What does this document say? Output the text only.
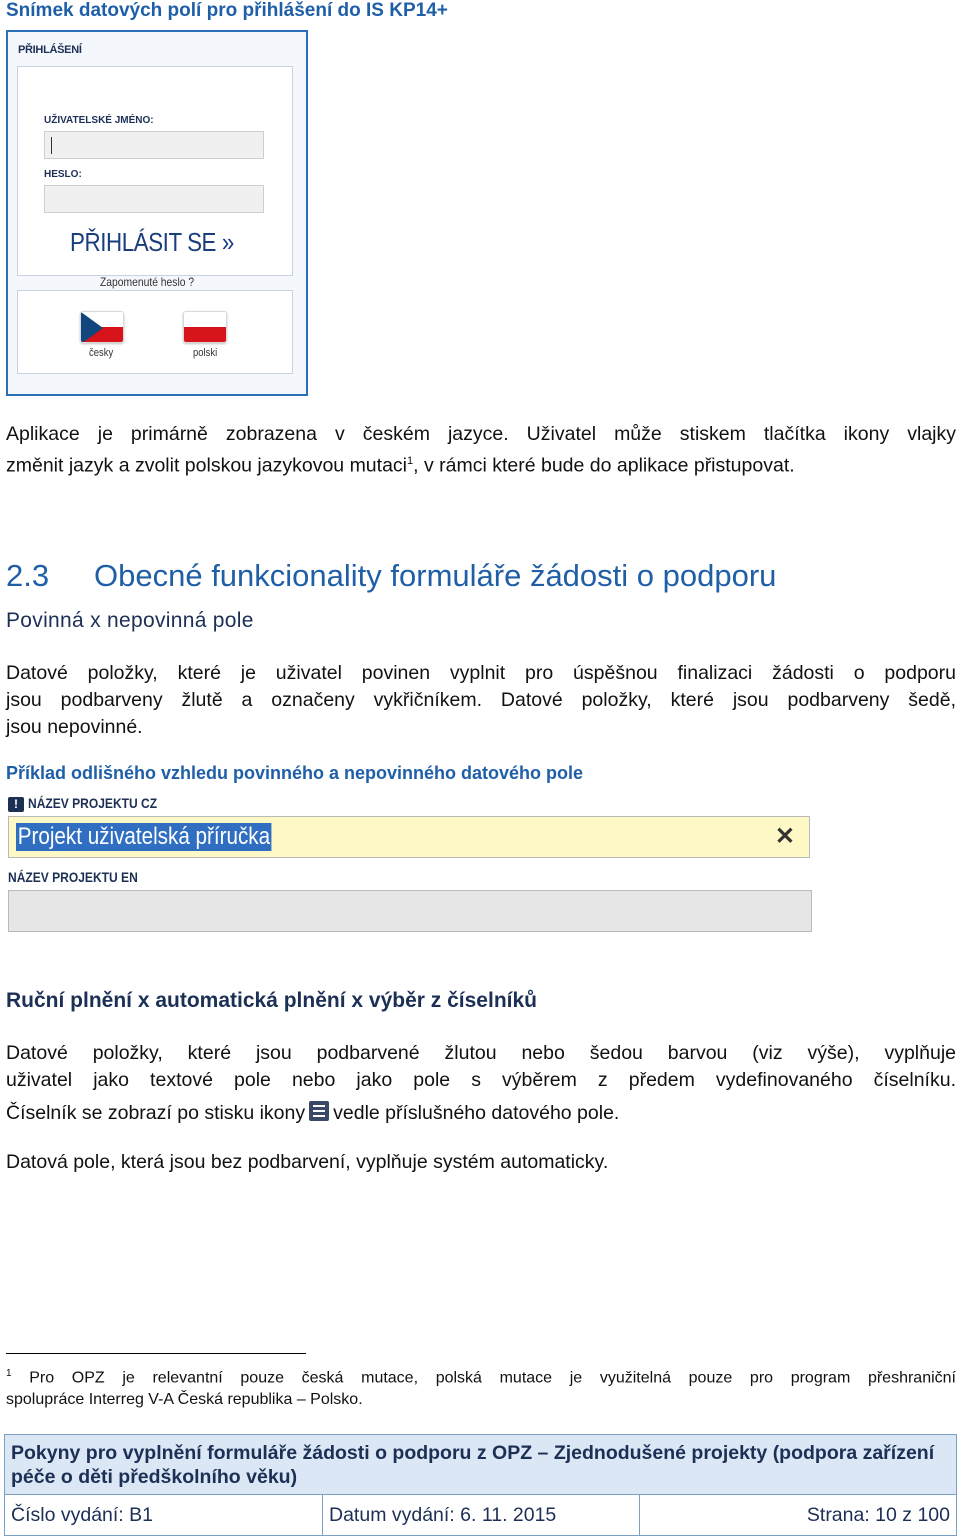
Snímek datových polí pro přihlášení do IS KP14+
PŘIHLÁŠENÍ
UŽIVATELSKÉ JMÉNO:
HESLO:
PŘIHLÁSIT SE »
Zapomenuté heslo ?
česky	polski
Aplikace je primárně zobrazena v českém jazyce. Uživatel může stiskem tlačítka ikony vlajky
změnit jazyk a zvolit polskou jazykovou mutaci$^1$, v rámci které bude do aplikace přistupovat.
2.3 Obecné funkcionality formuláře žádosti o podporu
Povinná x nepovinná pole
Datové položky, které je uživatel povinen vyplnit pro úspěšnou finalizaci žádosti o podporu
jsou podbarveny žlutě a označeny vykřičníkem. Datové položky, které jsou podbarveny šedě,
jsou nepovinné.
Příklad odlišného vzhledu povinného a nepovinného datového pole
! NÁZEV PROJEKTU CZ
Projekt uživatelská příručka	✕
NÁZEV PROJEKTU EN
Ruční plnění x automatická plnění x výběr z číselníků
Datové položky, které jsou podbarvené žlutou nebo šedou barvou (viz výše), vyplňuje
uživatel jako textové pole nebo jako pole s výběrem z předem vydefinovaného číselníku.
Číselník se zobrazí po stisku ikony vedle příslušného datového pole.
Datová pole, která jsou bez podbarvení, vyplňuje systém automaticky.
$^1$ Pro OPZ je relevantní pouze česká mutace, polská mutace je využitelná pouze pro program přeshraniční
spolupráce Interreg V-A Česká republika – Polsko.
Pokyny pro vyplnění formuláře žádosti o podporu z OPZ – Zjednodušené projekty (podpora zařízení péče o děti předškolního věku)
Číslo vydání: B1	Datum vydání: 6. 11. 2015	Strana: 10 z 100
